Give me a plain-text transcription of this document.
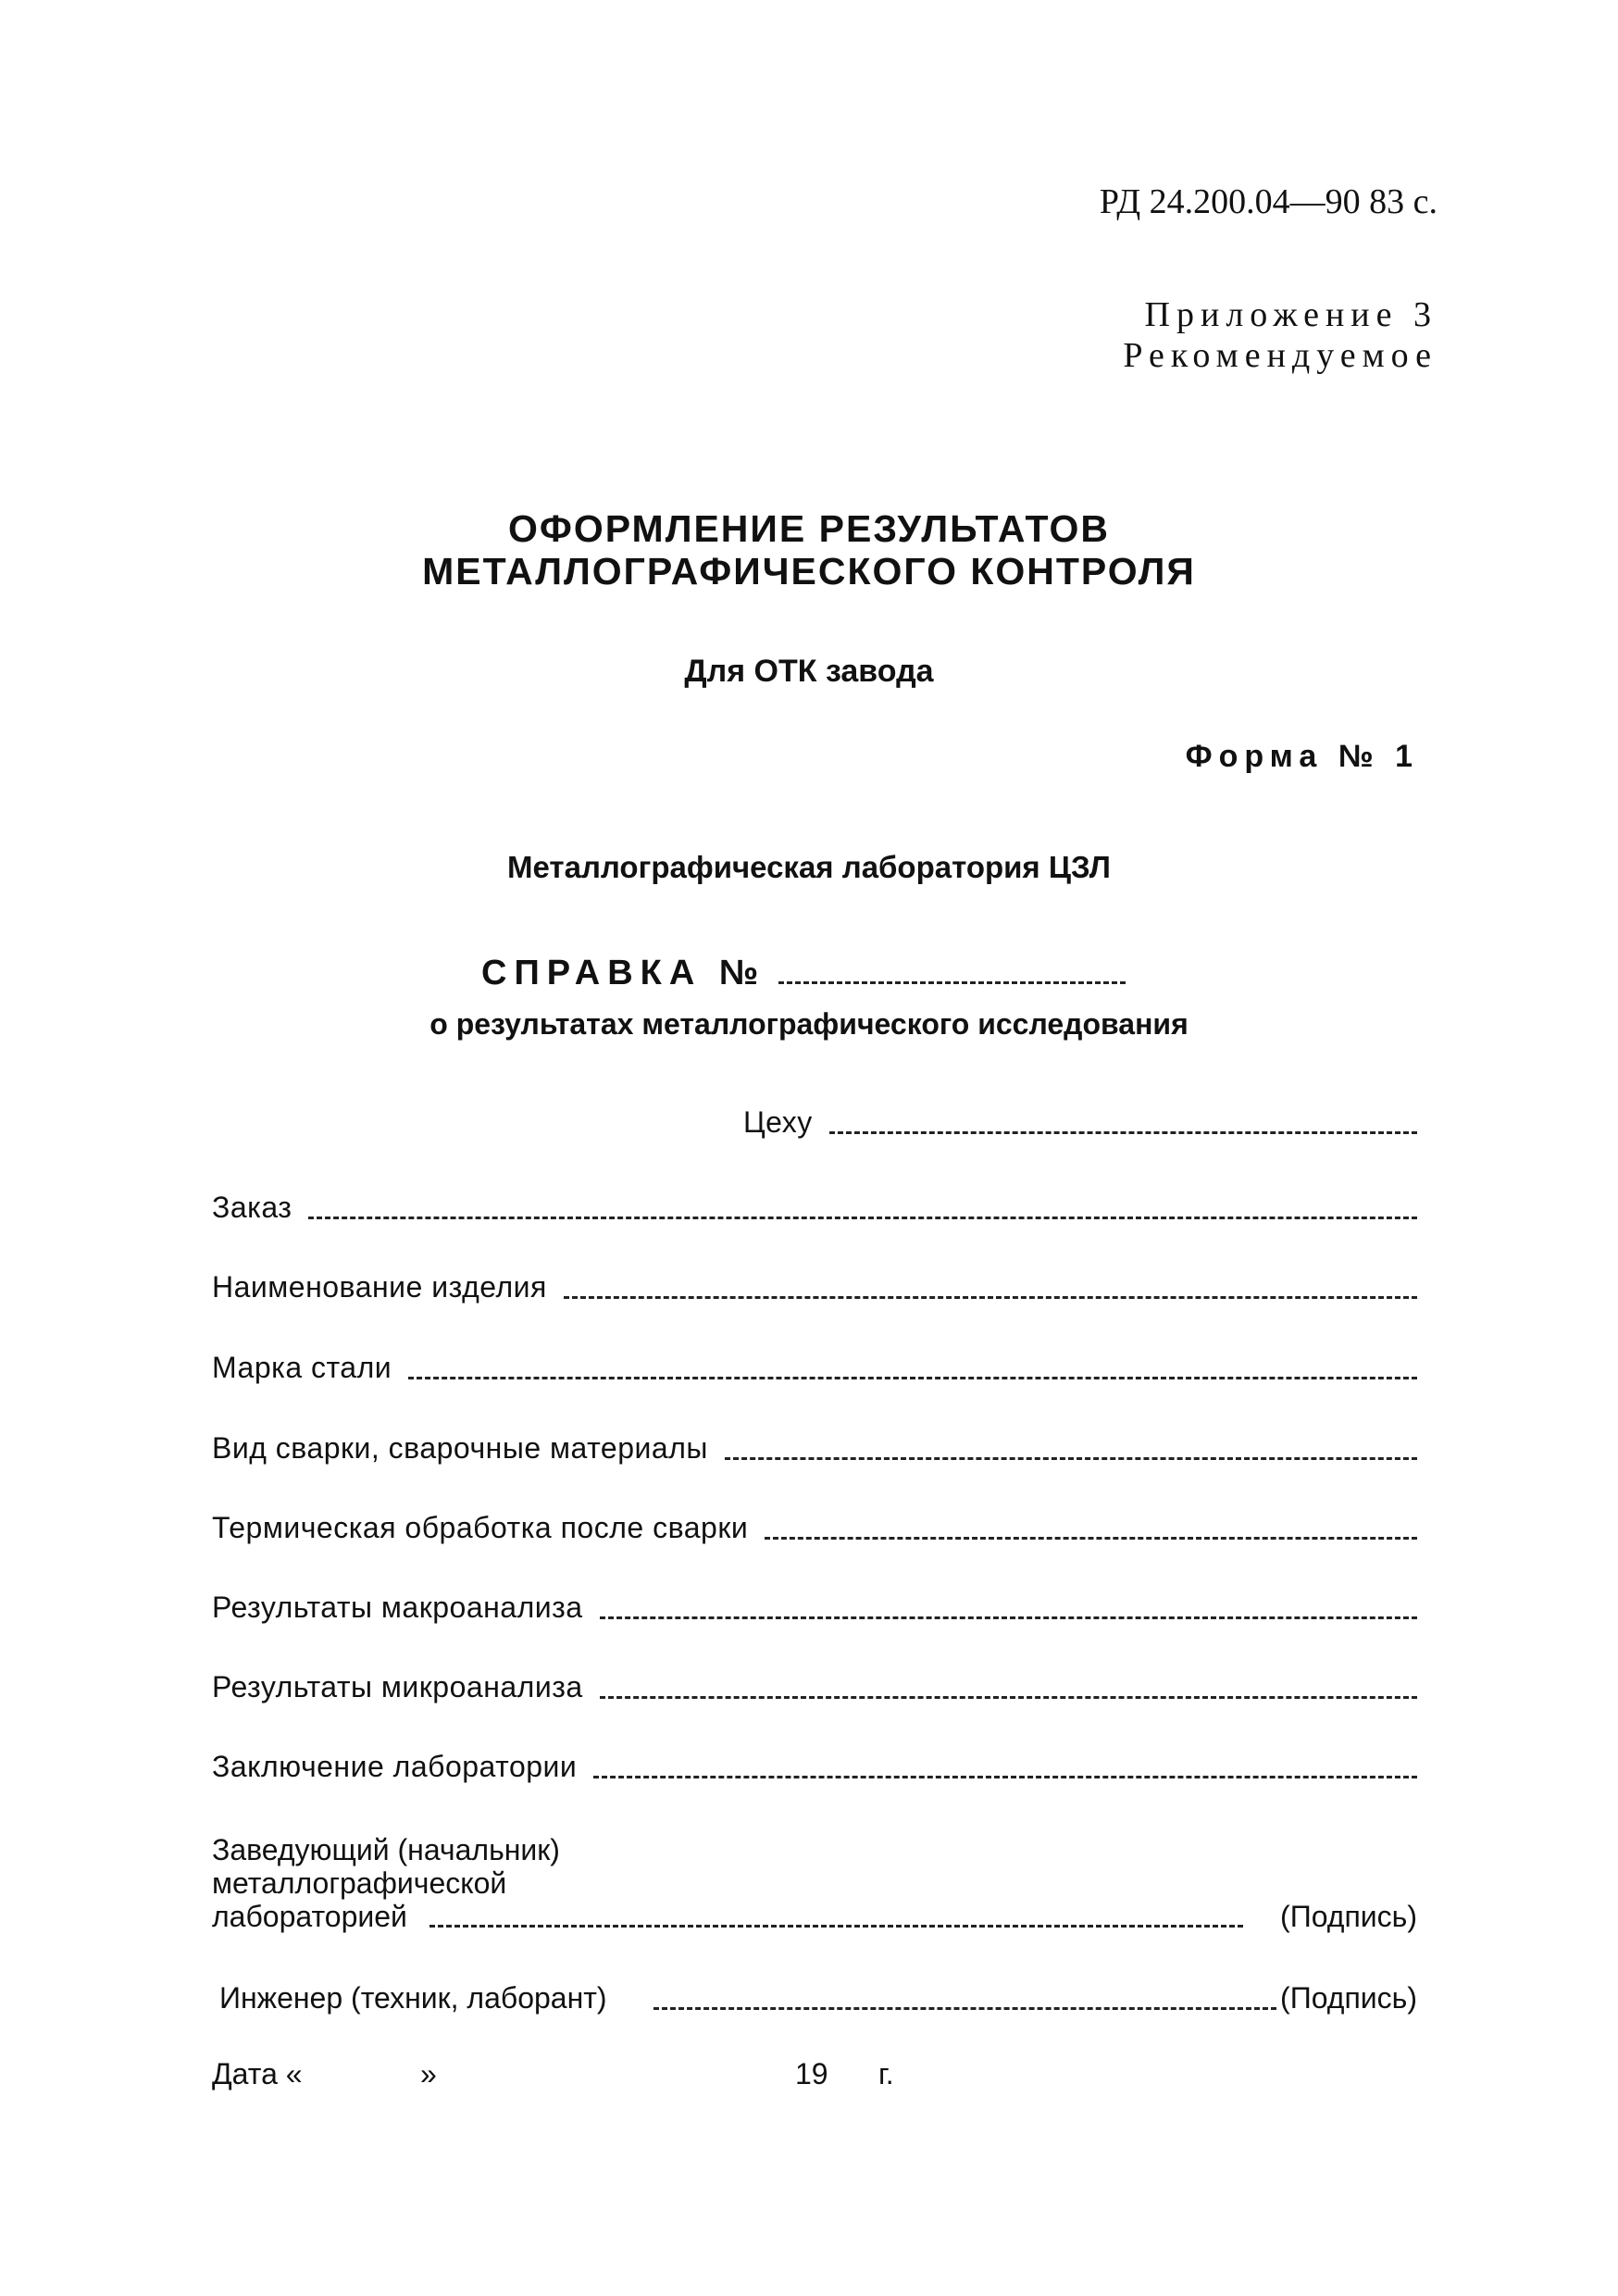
РД 24.200.04—90 83 с.
Приложение 3
Рекомендуемое
ОФОРМЛЕНИЕ РЕЗУЛЬТАТОВ
МЕТАЛЛОГРАФИЧЕСКОГО КОНТРОЛЯ
Для ОТК завода
Форма № 1
Металлографическая лаборатория ЦЗЛ
СПРАВКА №
о результатах металлографического исследования
Цеху
Заказ
Наименование изделия
Марка стали
Вид сварки, сварочные материалы
Термическая обработка после сварки
Результаты макроанализа
Результаты микроанализа
Заключение лаборатории
Заведующий (начальник)
металлографической
лабораторией	(Подпись)
Инженер (техник, лаборант)	(Подпись)
Дата «	»	19 г.
